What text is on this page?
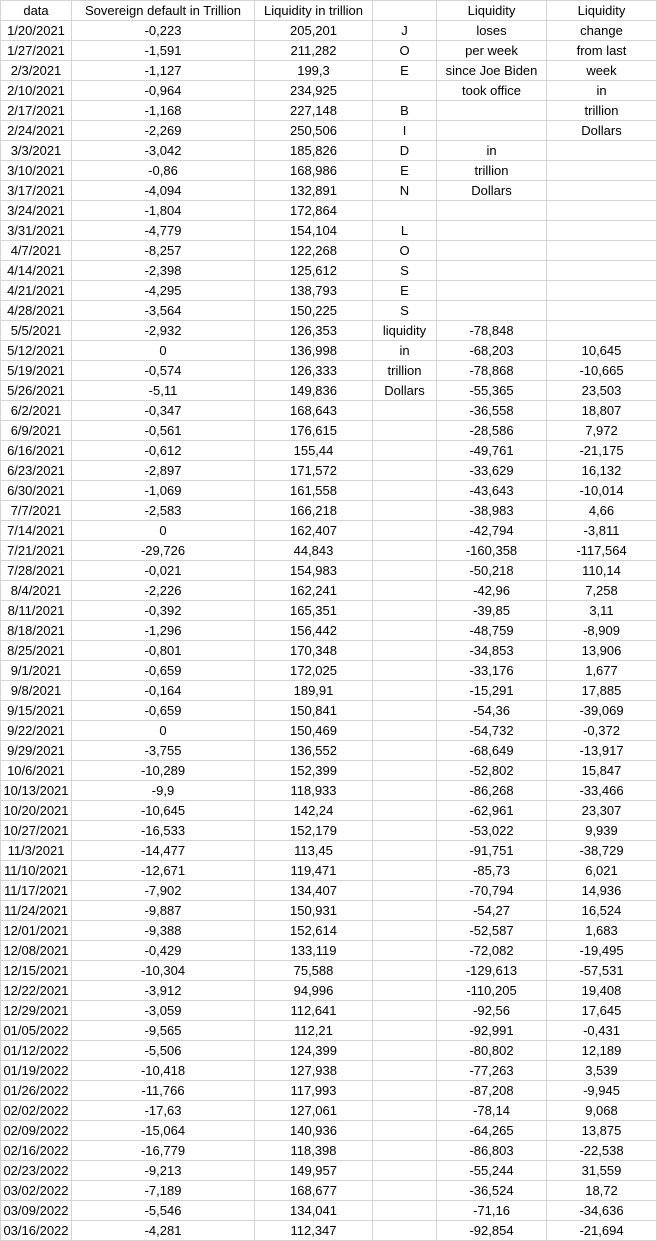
data	Sovereign default in Trillion	Liquidity in trillion		Liquidity	Liquidity
1/20/2021	-0,223	205,201	J	loses	change
1/27/2021	-1,591	211,282	O	per week	from last
2/3/2021	-1,127	199,3	E	since Joe Biden	week
2/10/2021	-0,964	234,925		took office	in
2/17/2021	-1,168	227,148	B		trillion
2/24/2021	-2,269	250,506	I		Dollars
3/3/2021	-3,042	185,826	D	in	
3/10/2021	-0,86	168,986	E	trillion	
3/17/2021	-4,094	132,891	N	Dollars	
3/24/2021	-1,804	172,864			
3/31/2021	-4,779	154,104	L		
4/7/2021	-8,257	122,268	O		
4/14/2021	-2,398	125,612	S		
4/21/2021	-4,295	138,793	E		
4/28/2021	-3,564	150,225	S		
5/5/2021	-2,932	126,353	liquidity	-78,848	
5/12/2021	0	136,998	in	-68,203	10,645
5/19/2021	-0,574	126,333	trillion	-78,868	-10,665
5/26/2021	-5,11	149,836	Dollars	-55,365	23,503
6/2/2021	-0,347	168,643		-36,558	18,807
6/9/2021	-0,561	176,615		-28,586	7,972
6/16/2021	-0,612	155,44		-49,761	-21,175
6/23/2021	-2,897	171,572		-33,629	16,132
6/30/2021	-1,069	161,558		-43,643	-10,014
7/7/2021	-2,583	166,218		-38,983	4,66
7/14/2021	0	162,407		-42,794	-3,811
7/21/2021	-29,726	44,843		-160,358	-117,564
7/28/2021	-0,021	154,983		-50,218	110,14
8/4/2021	-2,226	162,241		-42,96	7,258
8/11/2021	-0,392	165,351		-39,85	3,11
8/18/2021	-1,296	156,442		-48,759	-8,909
8/25/2021	-0,801	170,348		-34,853	13,906
9/1/2021	-0,659	172,025		-33,176	1,677
9/8/2021	-0,164	189,91		-15,291	17,885
9/15/2021	-0,659	150,841		-54,36	-39,069
9/22/2021	0	150,469		-54,732	-0,372
9/29/2021	-3,755	136,552		-68,649	-13,917
10/6/2021	-10,289	152,399		-52,802	15,847
10/13/2021	-9,9	118,933		-86,268	-33,466
10/20/2021	-10,645	142,24		-62,961	23,307
10/27/2021	-16,533	152,179		-53,022	9,939
11/3/2021	-14,477	113,45		-91,751	-38,729
11/10/2021	-12,671	119,471		-85,73	6,021
11/17/2021	-7,902	134,407		-70,794	14,936
11/24/2021	-9,887	150,931		-54,27	16,524
12/01/2021	-9,388	152,614		-52,587	1,683
12/08/2021	-0,429	133,119		-72,082	-19,495
12/15/2021	-10,304	75,588		-129,613	-57,531
12/22/2021	-3,912	94,996		-110,205	19,408
12/29/2021	-3,059	112,641		-92,56	17,645
01/05/2022	-9,565	112,21		-92,991	-0,431
01/12/2022	-5,506	124,399		-80,802	12,189
01/19/2022	-10,418	127,938		-77,263	3,539
01/26/2022	-11,766	117,993		-87,208	-9,945
02/02/2022	-17,63	127,061		-78,14	9,068
02/09/2022	-15,064	140,936		-64,265	13,875
02/16/2022	-16,779	118,398		-86,803	-22,538
02/23/2022	-9,213	149,957		-55,244	31,559
03/02/2022	-7,189	168,677		-36,524	18,72
03/09/2022	-5,546	134,041		-71,16	-34,636
03/16/2022	-4,281	112,347		-92,854	-21,694
